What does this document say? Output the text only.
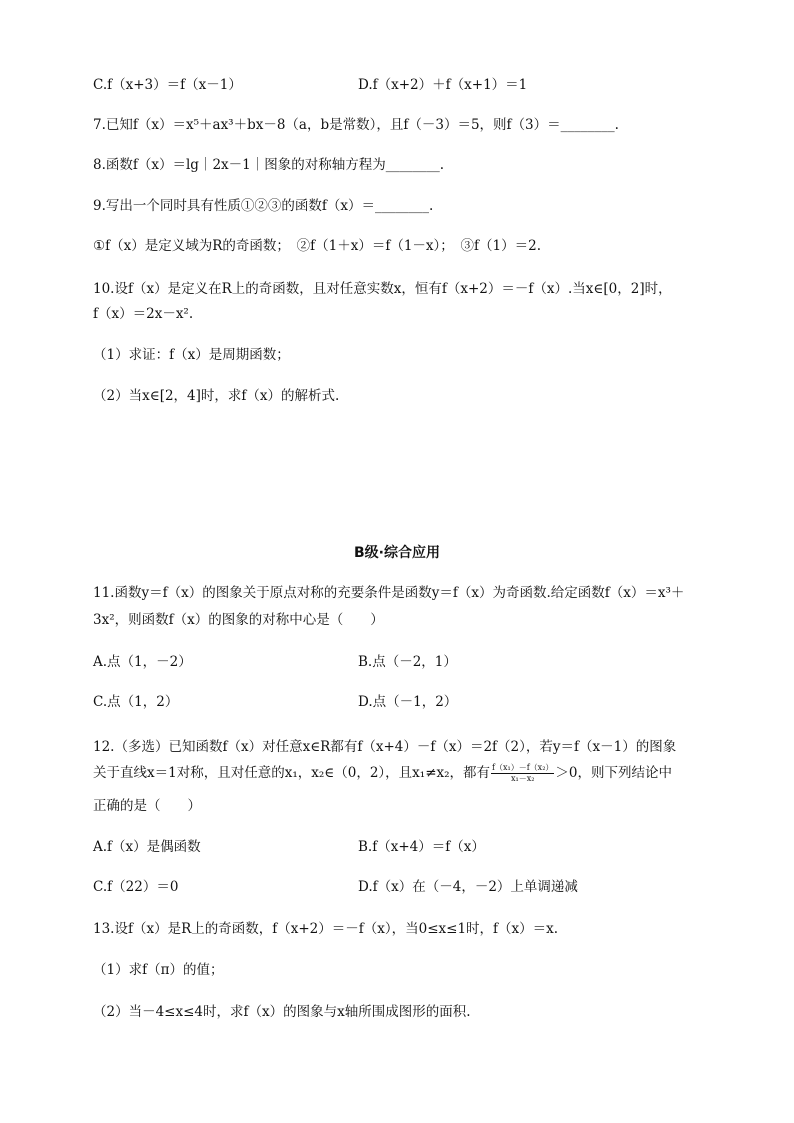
C.f（x+3）＝f（x－1）	D.f（x+2）＋f（x+1）＝1
7.已知f（x）＝x⁵＋ax³＋bx－8（a，b是常数），且f（－3）＝5，则f（3）＝________.
8.函数f（x）＝lg｜2x－1｜图象的对称轴方程为________.
9.写出一个同时具有性质①②③的函数f（x）＝________.
①f（x）是定义域为R的奇函数；　②f（1＋x）＝f（1－x）；　③f（1）＝2.
10.设f（x）是定义在R上的奇函数，且对任意实数x，恒有f（x+2）＝－f（x）.当x∈[0，2]时，
f（x）＝2x－x².
（1）求证：f（x）是周期函数；
（2）当x∈[2，4]时，求f（x）的解析式.
B级·综合应用
11.函数y＝f（x）的图象关于原点对称的充要条件是函数y＝f（x）为奇函数.给定函数f（x）＝x³＋
3x²，则函数f（x）的图象的对称中心是（　　）
A.点（1，－2）	B.点（－2，1）
C.点（1，2）	D.点（－1，2）
12.（多选）已知函数f（x）对任意x∈R都有f（x+4）－f（x）＝2f（2），若y＝f（x－1）的图象
关于直线x＝1对称，且对任意的x₁，x₂∈（0，2），且x₁≠x₂，都有 $\frac{\text{f（x₁）－f（x₂）}}{\text{x₁－x₂}} >0$，则下列结论中
正确的是（　　）
A.f（x）是偶函数	B.f（x+4）＝f（x）
C.f（22）＝0	D.f（x）在（－4，－2）上单调递减
13.设f（x）是R上的奇函数，f（x+2）＝－f（x），当0≤x≤1时，f（x）＝x.
（1）求f（π）的值；
（2）当－4≤x≤4时，求f（x）的图象与x轴所围成图形的面积.
